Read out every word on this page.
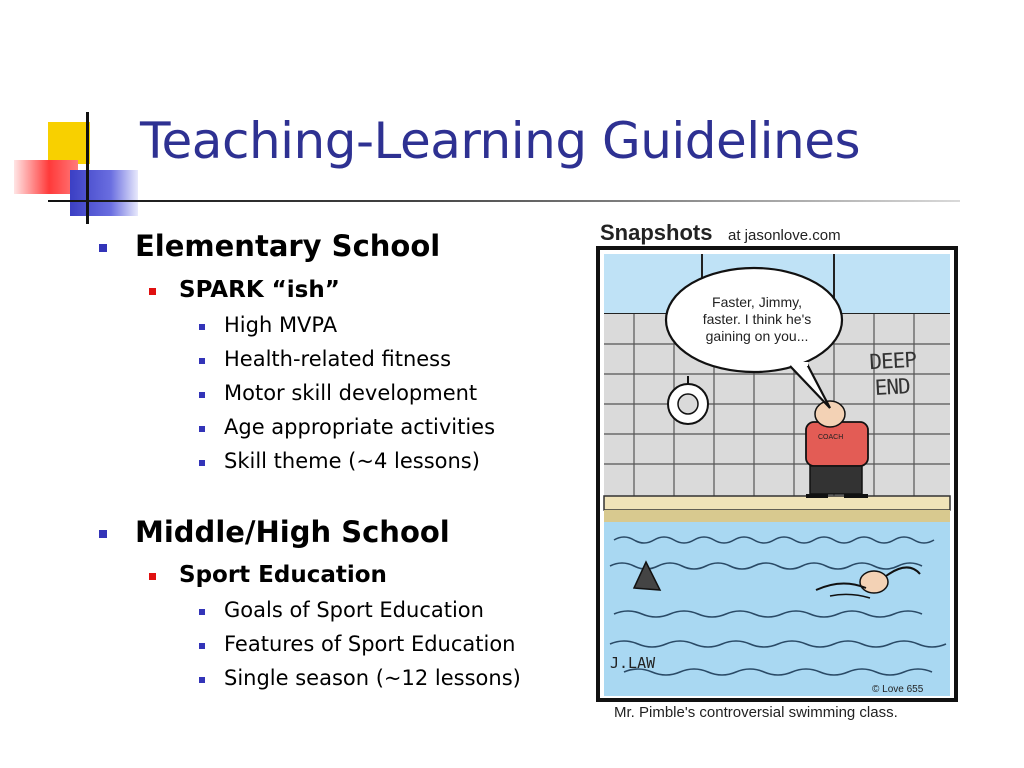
Teaching-Learning Guidelines
Elementary School
SPARK “ish”
High MVPA
Health-related fitness
Motor skill development
Age appropriate activities
Skill theme (~4 lessons)
Middle/High School
Sport Education
Goals of Sport Education
Features of Sport Education
Single season (~12 lessons)
Snapshots at jasonlove.com
Faster, Jimmy,
faster. I think he's
gaining on you...
DEEP
END
COACH
J.LAW
© Love 655
Mr. Pimble's controversial swimming class.
